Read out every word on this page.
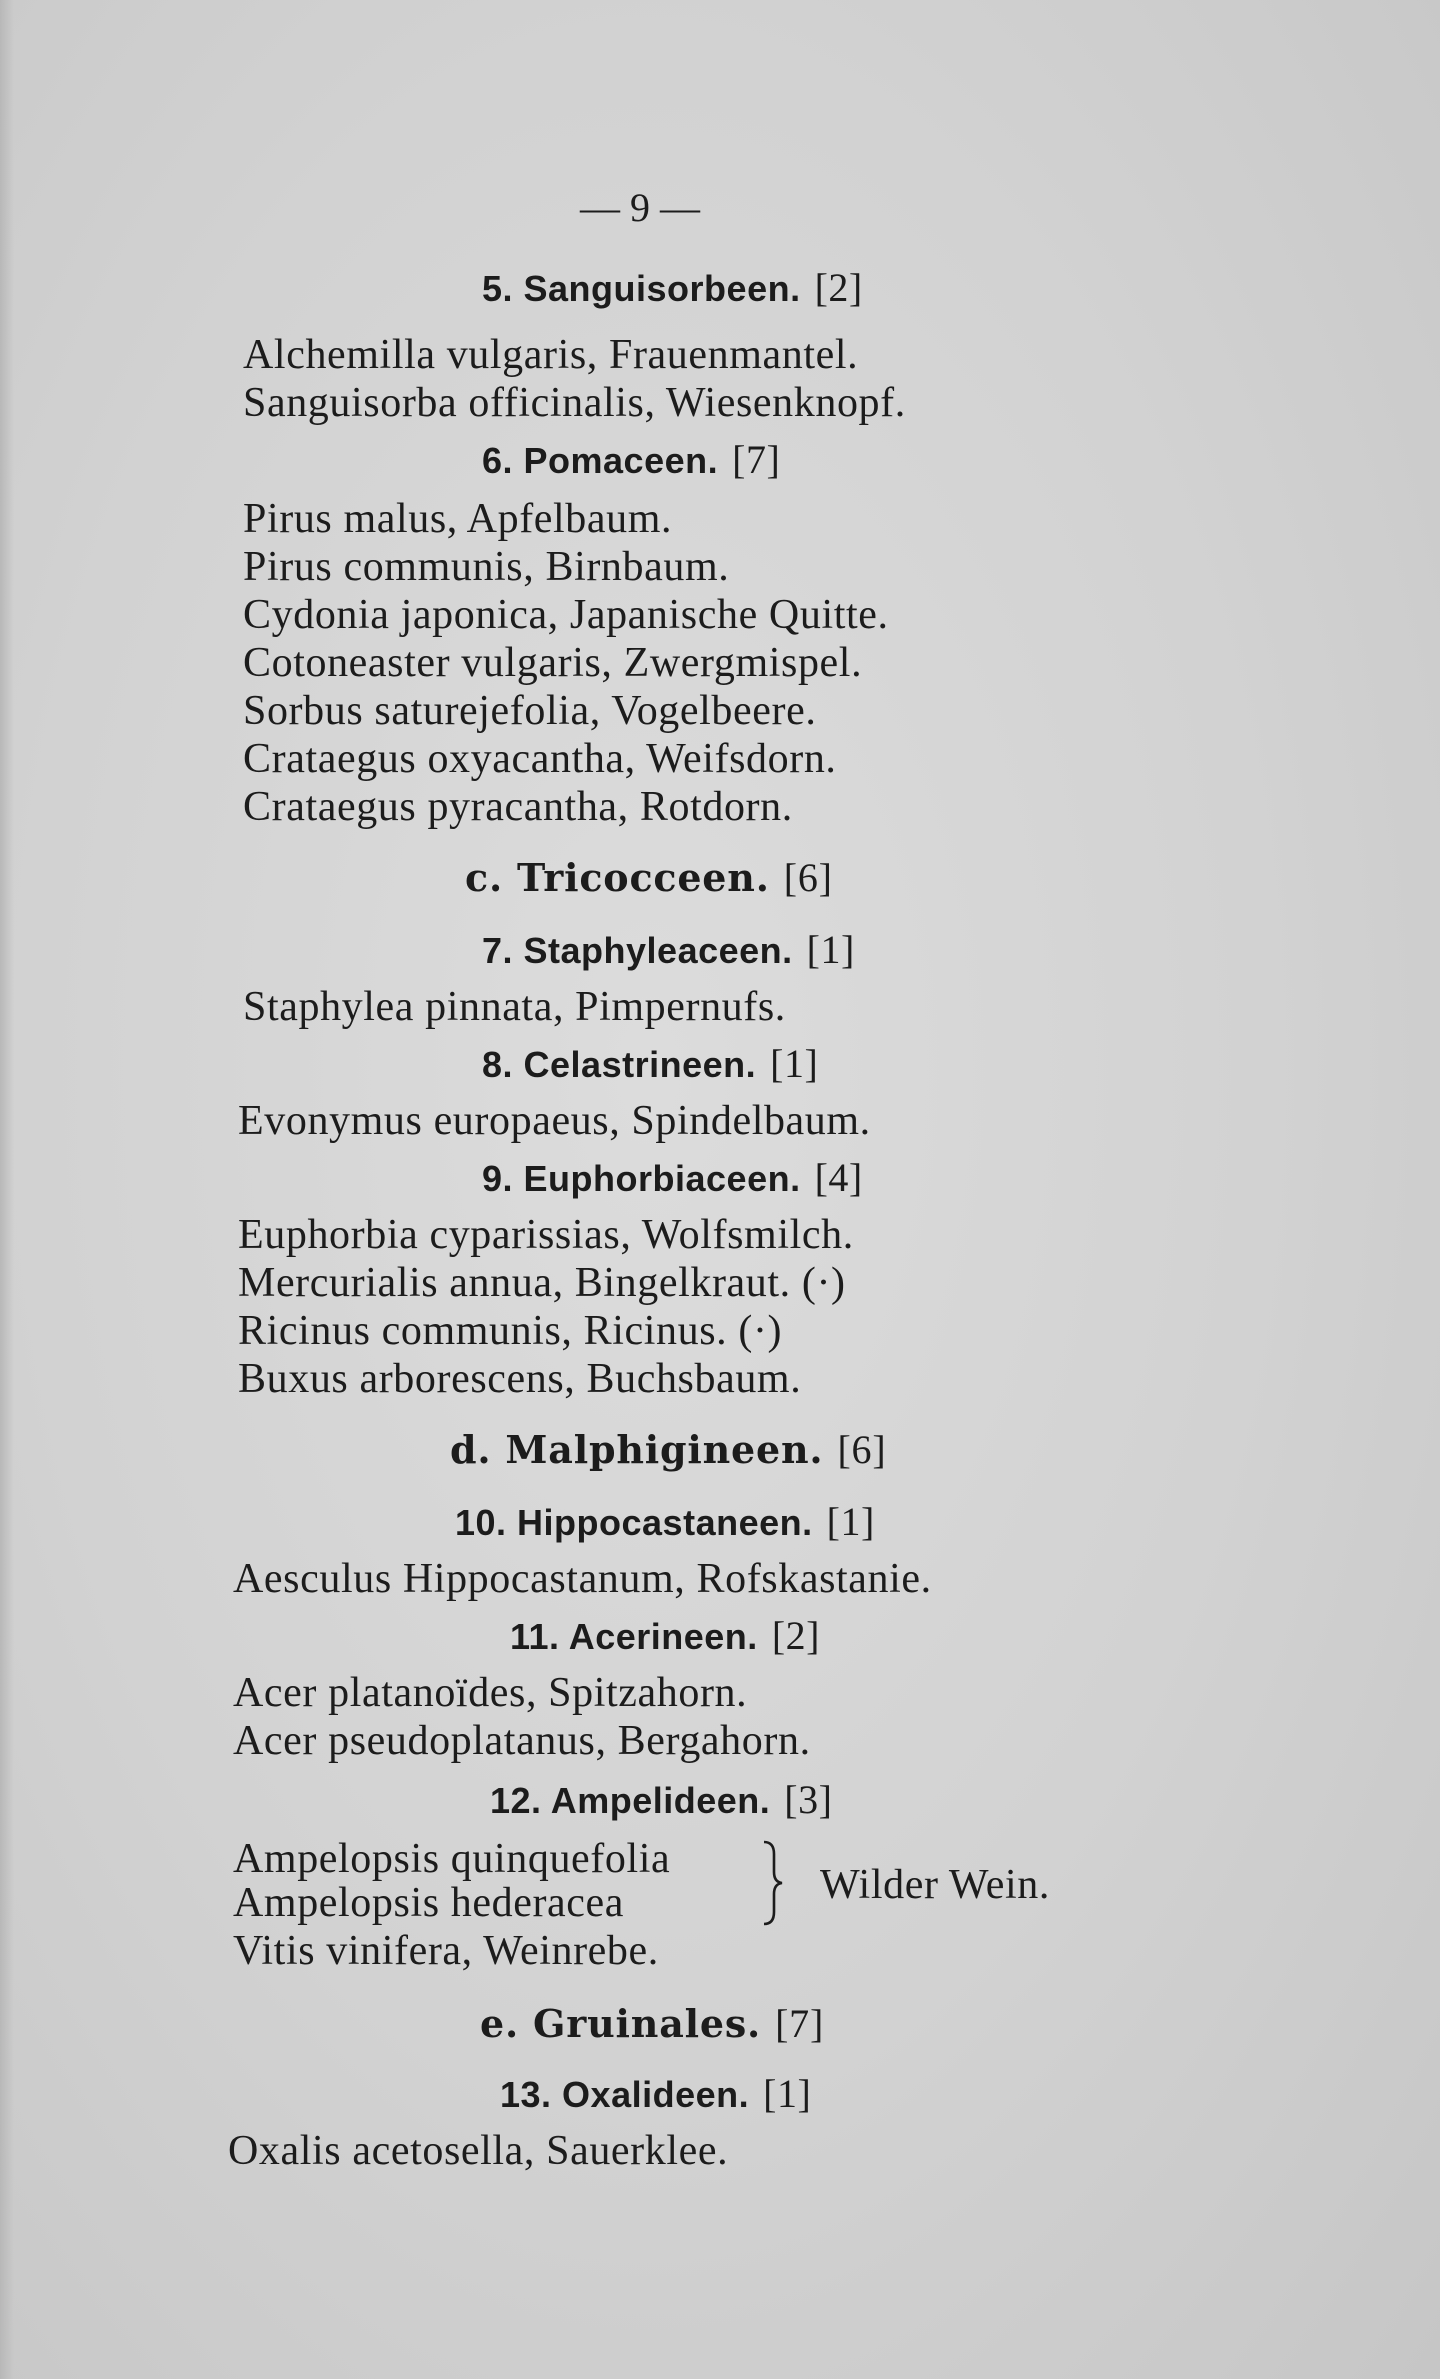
— 9 —
5. Sanguisorbeen. [2]
Alchemilla vulgaris, Frauenmantel.
Sanguisorba officinalis, Wiesenknopf.
6. Pomaceen. [7]
Pirus malus, Apfelbaum.
Pirus communis, Birnbaum.
Cydonia japonica, Japanische Quitte.
Cotoneaster vulgaris, Zwergmispel.
Sorbus saturejefolia, Vogelbeere.
Crataegus oxyacantha, Weifsdorn.
Crataegus pyracantha, Rotdorn.
c. Tricocceen. [6]
7. Staphyleaceen. [1]
Staphylea pinnata, Pimpernufs.
8. Celastrineen. [1]
Evonymus europaeus, Spindelbaum.
9. Euphorbiaceen. [4]
Euphorbia cyparissias, Wolfsmilch.
Mercurialis annua, Bingelkraut. (·)
Ricinus communis, Ricinus. (·)
Buxus arborescens, Buchsbaum.
d. Malphigineen. [6]
10. Hippocastaneen. [1]
Aesculus Hippocastanum, Rofskastanie.
11. Acerineen. [2]
Acer platanoïdes, Spitzahorn.
Acer pseudoplatanus, Bergahorn.
12. Ampelideen. [3]
Ampelopsis quinquefolia
Ampelopsis hederacea	Wilder Wein.
Vitis vinifera, Weinrebe.
e. Gruinales. [7]
13. Oxalideen. [1]
Oxalis acetosella, Sauerklee.
